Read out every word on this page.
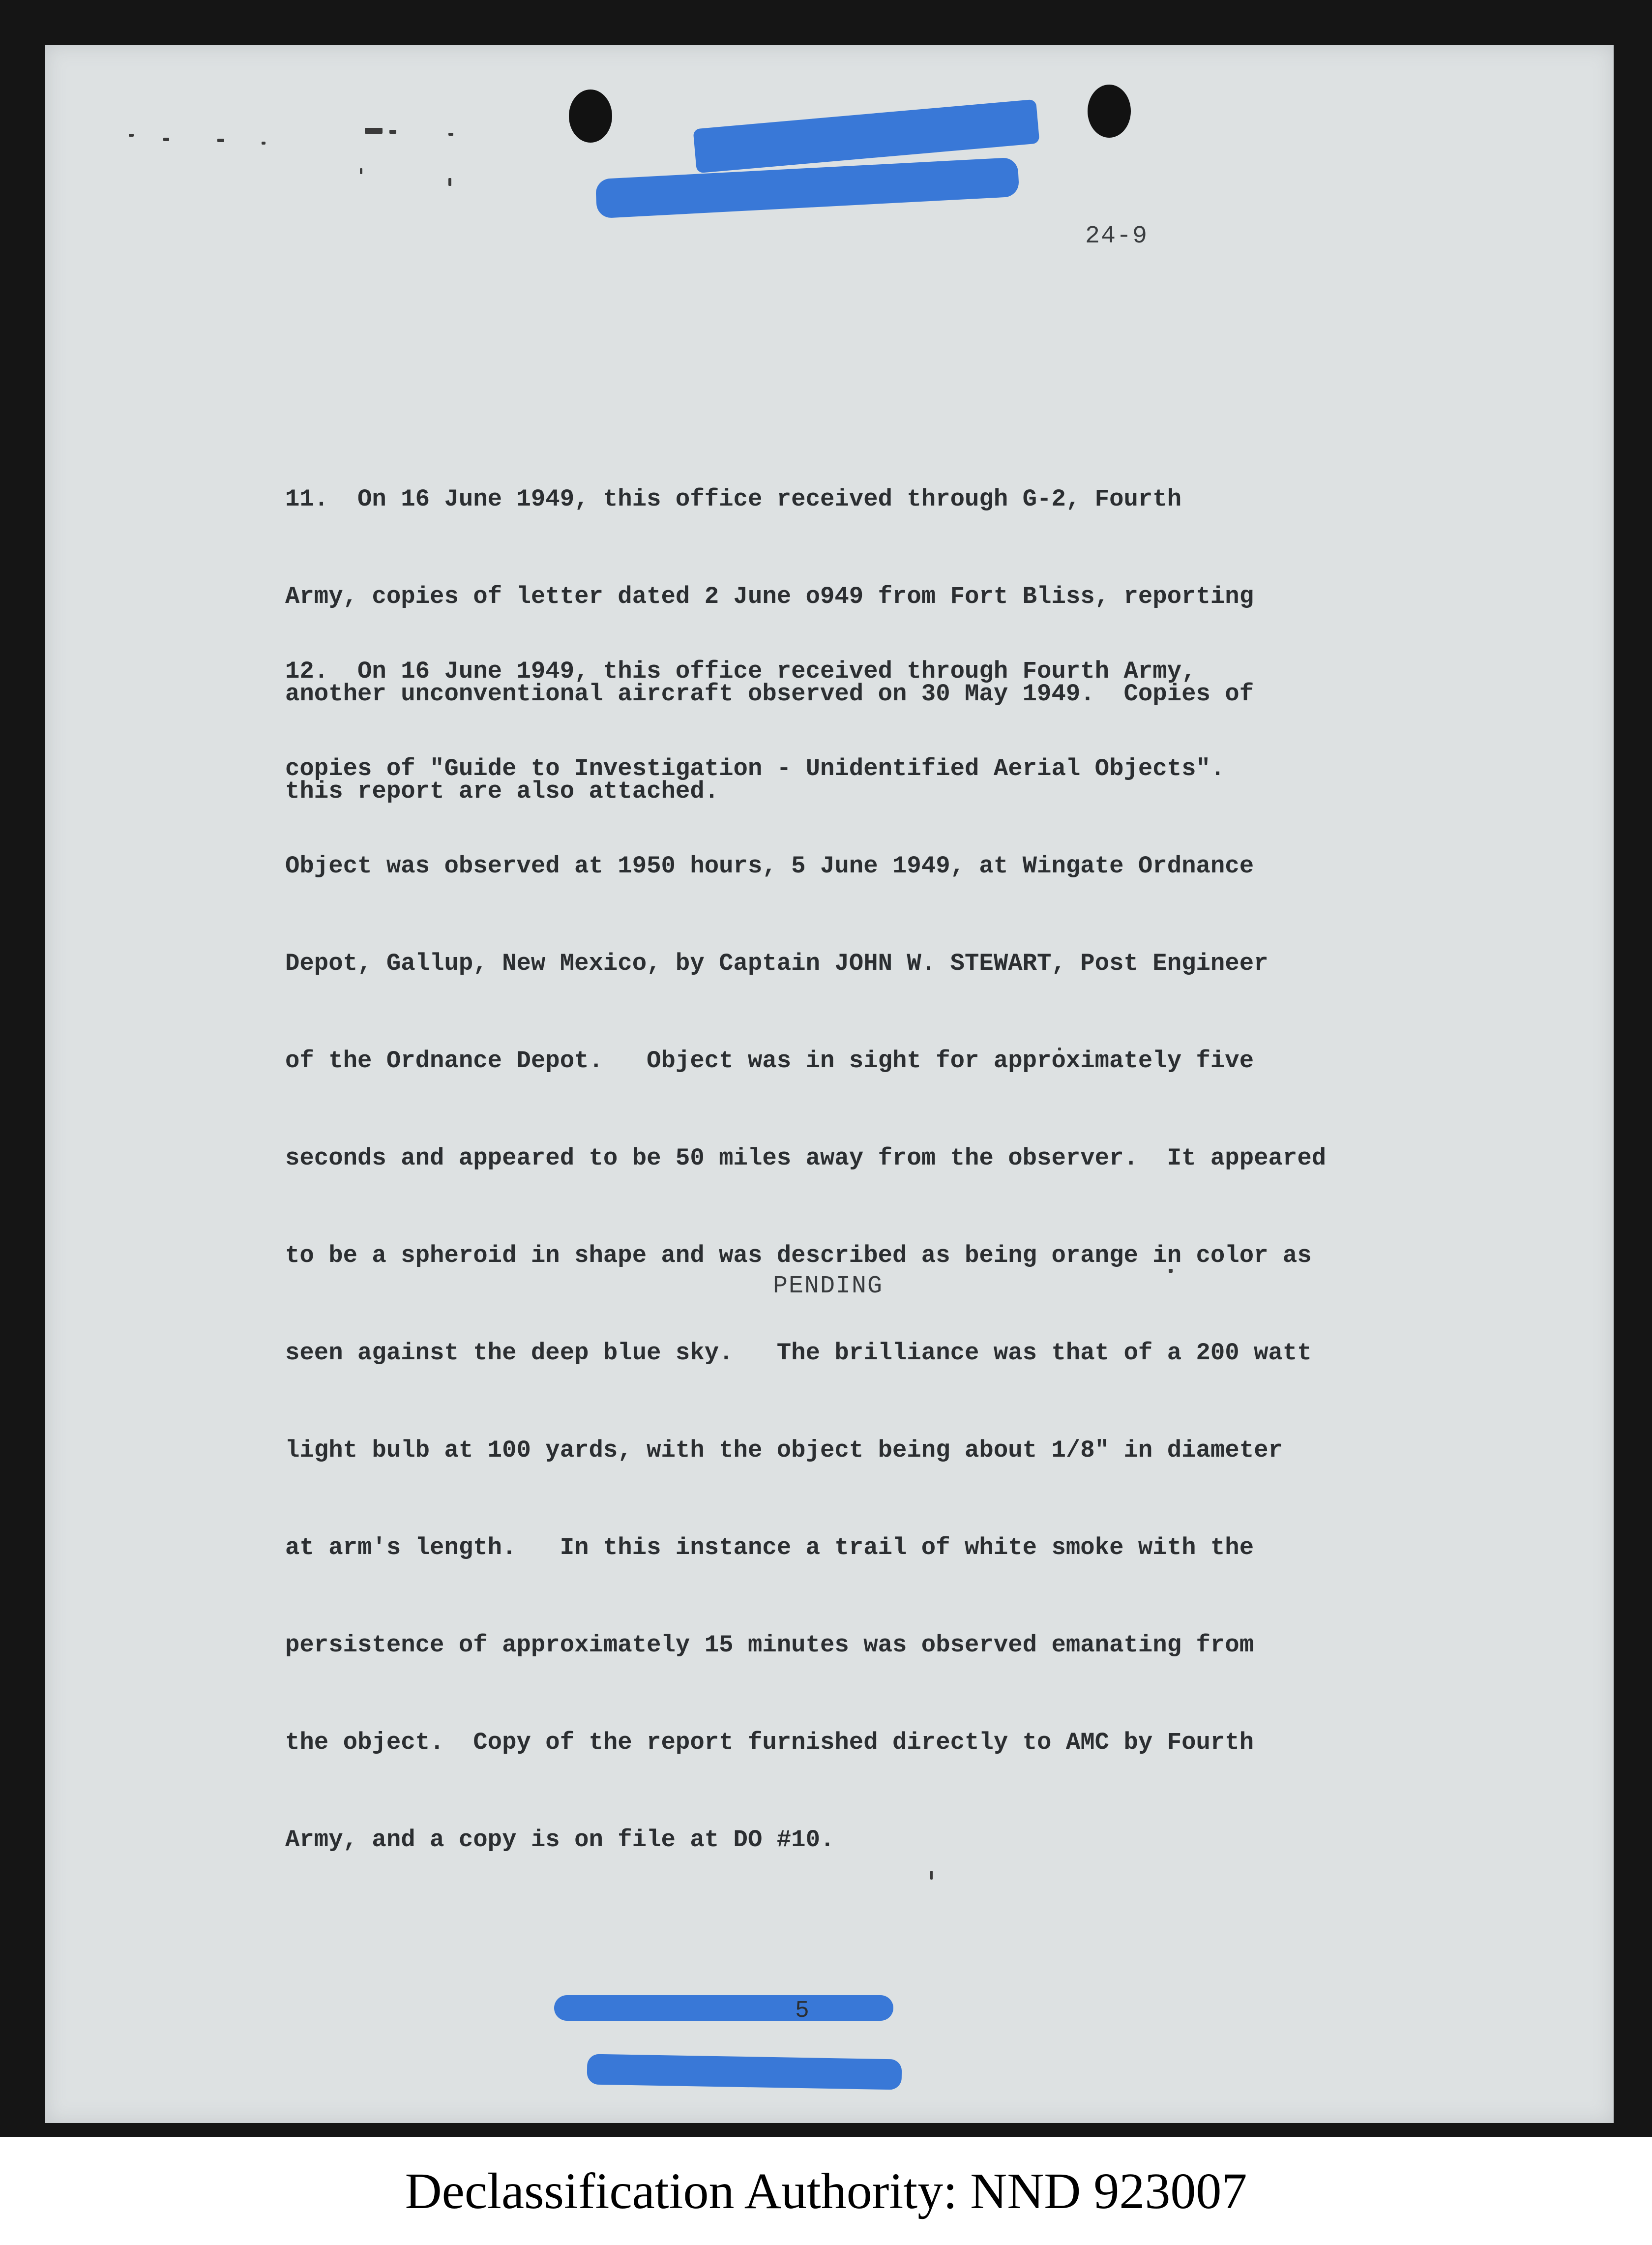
24-9

11.  On 16 June 1949, this office received through G-2, Fourth

Army, copies of letter dated 2 June o949 from Fort Bliss, reporting

another unconventional aircraft observed on 30 May 1949.  Copies of

this report are also attached.

12.  On 16 June 1949, this office received through Fourth Army,

copies of "Guide to Investigation - Unidentified Aerial Objects".

Object was observed at 1950 hours, 5 June 1949, at Wingate Ordnance

Depot, Gallup, New Mexico, by Captain JOHN W. STEWART, Post Engineer

of the Ordnance Depot.   Object was in sight for approximately five

seconds and appeared to be 50 miles away from the observer.  It appeared

to be a spheroid in shape and was described as being orange in color as

seen against the deep blue sky.   The brilliance was that of a 200 watt

light bulb at 100 yards, with the object being about 1/8" in diameter

at arm's length.   In this instance a trail of white smoke with the

persistence of approximately 15 minutes was observed emanating from

the object.  Copy of the report furnished directly to AMC by Fourth

Army, and a copy is on file at DO #10.

PENDING
5
Declassification Authority: NND 923007
